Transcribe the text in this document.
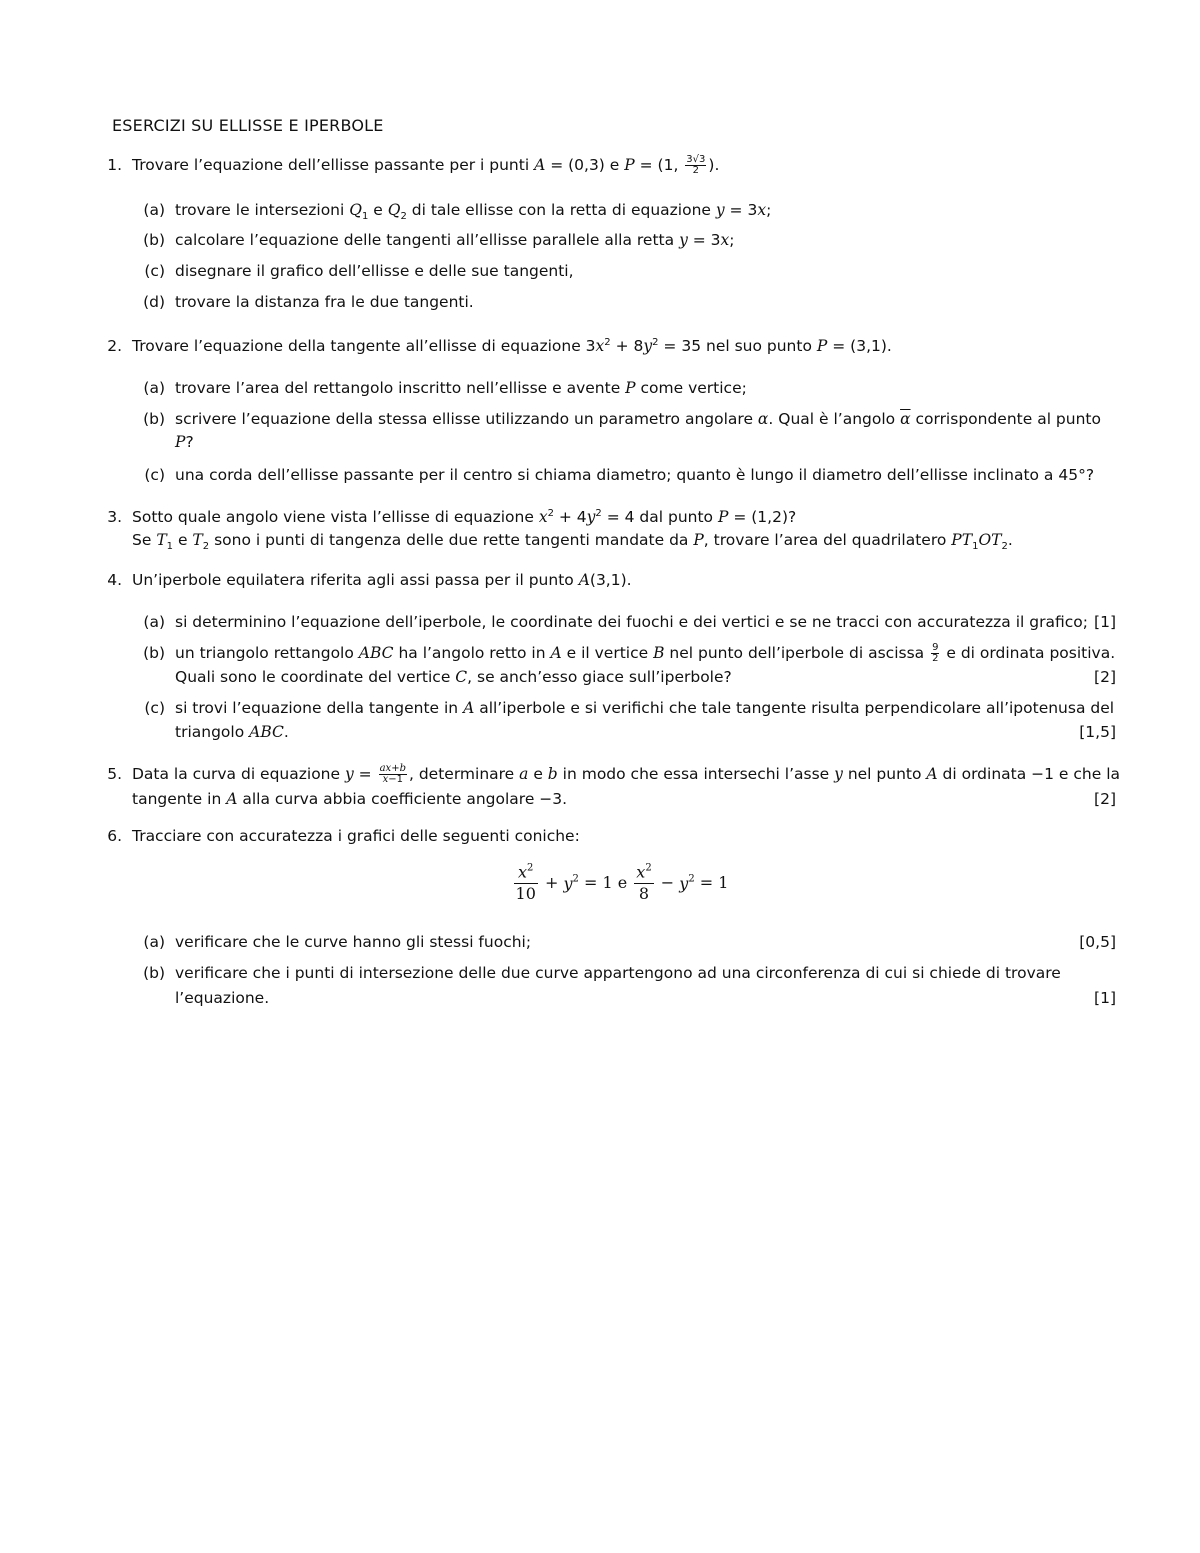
ESERCIZI SU ELLISSE E IPERBOLE
1. Trovare l’equazione dell’ellisse passante per i punti A = (0,3) e P = (1, $\frac{3√3}{2}$ ).
(a) trovare le intersezioni $Q_1$ e $Q_2$ di tale ellisse con la retta di equazione y = 3x;
(b) calcolare l’equazione delle tangenti all’ellisse parallele alla retta y = 3x;
(c) disegnare il grafico dell’ellisse e delle sue tangenti,
(d) trovare la distanza fra le due tangenti.
2. Trovare l’equazione della tangente all’ellisse di equazione $3x^2 + 8y^2 = 35$ nel suo punto P = (3,1).
(a) trovare l’area del rettangolo inscritto nell’ellisse e avente P come vertice;
(b) scrivere l’equazione della stessa ellisse utilizzando un parametro angolare α. Qual è l’angolo $\overline{\alpha}$ corrispondente al punto
P?
(c) una corda dell’ellisse passante per il centro si chiama diametro; quanto è lungo il diametro dell’ellisse inclinato a 45°?
3. Sotto quale angolo viene vista l’ellisse di equazione $x^2 + 4y^2 = 4$ dal punto P = (1,2)?
Se $T_1$ e $T_2$ sono i punti di tangenza delle due rette tangenti mandate da P, trovare l’area del quadrilatero $PT_1OT_2$.
4. Un’iperbole equilatera riferita agli assi passa per il punto A(3,1).
(a) si determinino l’equazione dell’iperbole, le coordinate dei fuochi e dei vertici e se ne tracci con accuratezza il grafico; [1]
(b) un triangolo rettangolo ABC ha l’angolo retto in A e il vertice B nel punto dell’iperbole di ascissa $\frac{9}{2}$ e di ordinata positiva.
Quali sono le coordinate del vertice C, se anch’esso giace sull’iperbole?	[2]
(c) si trovi l’equazione della tangente in A all’iperbole e si verifichi che tale tangente risulta perpendicolare all’ipotenusa del
triangolo ABC.	[1,5]
5. Data la curva di equazione $y = \frac{ax+b}{x-1}$ , determinare a e b in modo che essa intersechi l’asse y nel punto A di ordinata −1 e che la
tangente in A alla curva abbia coefficiente angolare −3.	[2]
6. Tracciare con accuratezza i grafici delle seguenti coniche:
$\frac{x^2}{10} + y^2 = 1$ e $\frac{x^2}{8} - y^2 = 1$
(a) verificare che le curve hanno gli stessi fuochi;	[0,5]
(b) verificare che i punti di intersezione delle due curve appartengono ad una circonferenza di cui si chiede di trovare
l’equazione.	[1]
